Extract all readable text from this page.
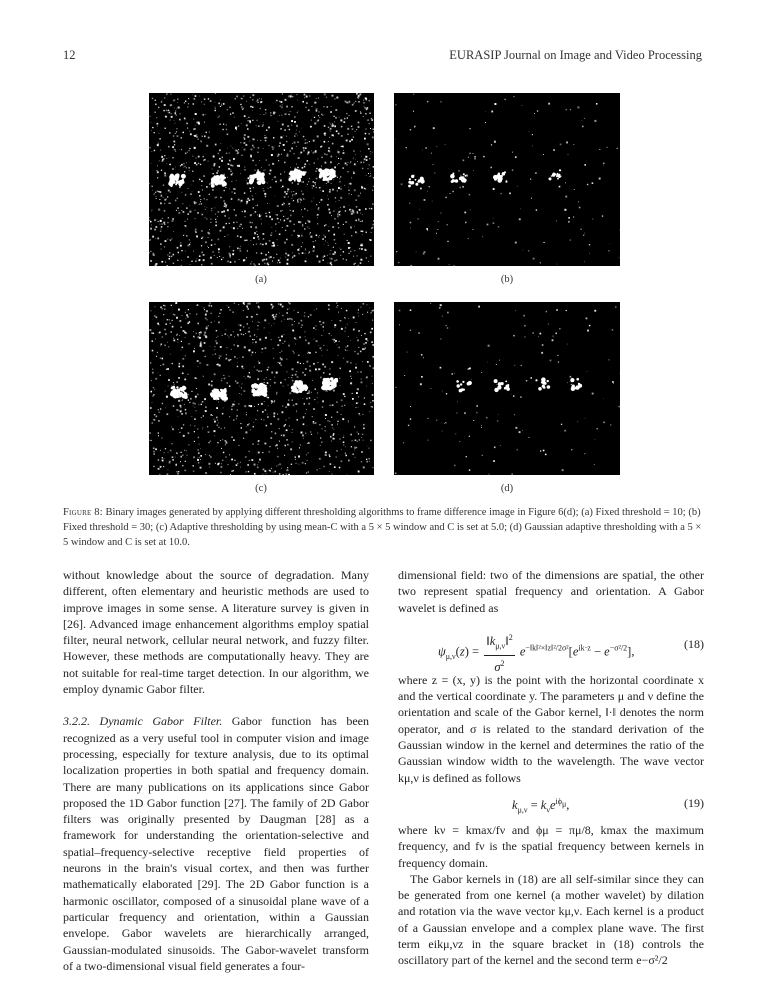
12	EURASIP Journal on Image and Video Processing
(a)	(b)
(c)	(d)
Figure 8: Binary images generated by applying different thresholding algorithms to frame difference image in Figure 6(d); (a) Fixed threshold = 10; (b) Fixed threshold = 30; (c) Adaptive thresholding by using mean-C with a 5 × 5 window and C is set at 5.0; (d) Gaussian adaptive thresholding with a 5 × 5 window and C is set at 10.0.

without knowledge about the source of degradation. Many different, often elementary and heuristic methods are used to improve images in some sense. A literature survey is given in [26]. Advanced image enhancement algorithms employ spatial filter, neural network, cellular neural network, and fuzzy filter. However, these methods are computationally heavy. They are not suitable for real-time target detection. In our algorithm, we employ dynamic Gabor filter.

3.2.2. Dynamic Gabor Filter. Gabor function has been recognized as a very useful tool in computer vision and image processing, especially for texture analysis, due to its optimal localization properties in both spatial and frequency domain. There are many publications on its applications since Gabor proposed the 1D Gabor function [27]. The family of 2D Gabor filters was originally presented by Daugman [28] as a framework for understanding the orientation-selective and spatial–frequency-selective receptive field properties of neurons in the brain's visual cortex, and then was further mathematically elaborated [29]. The 2D Gabor function is a harmonic oscillator, composed of a sinusoidal plane wave of a particular frequency and orientation, within a Gaussian envelope. Gabor wavelets are hierarchically arranged, Gaussian-modulated sinusoids. The Gabor-wavelet transform of a two-dimensional visual field generates a four-

dimensional field: two of the dimensions are spatial, the other two represent spatial frequency and orientation. A Gabor wavelet is defined as

$\psi_{\mu,\nu}(z) = \frac{‖k_{\mu,\nu}‖^2}{\sigma^2} e^{-‖k‖^2\times‖z‖^2/2\sigma^2}[e^{ik\cdot z} - e^{-\sigma^2/2}]$,
(18)

where z = (x, y) is the point with the horizontal coordinate x and the vertical coordinate y. The parameters μ and ν define the orientation and scale of the Gabor kernel, ‖·‖ denotes the norm operator, and σ is related to the standard derivation of the Gaussian window in the kernel and determines the ratio of the Gaussian window width to the wavelength. The wave vector kμ,ν is defined as follows

$k_{\mu,\nu} = k_\nu e^{i\phi_\mu}$,	(19)

where kν = kmax/fν and ϕμ = πμ/8, kmax the maximum frequency, and fν is the spatial frequency between kernels in frequency domain.

The Gabor kernels in (18) are all self-similar since they can be generated from one kernel (a mother wavelet) by dilation and rotation via the wave vector kμ,ν. Each kernel is a product of a Gaussian envelope and a complex plane wave. The first term eikμ,νz in the square bracket in (18) controls the oscillatory part of the kernel and the second term e−σ²/2
